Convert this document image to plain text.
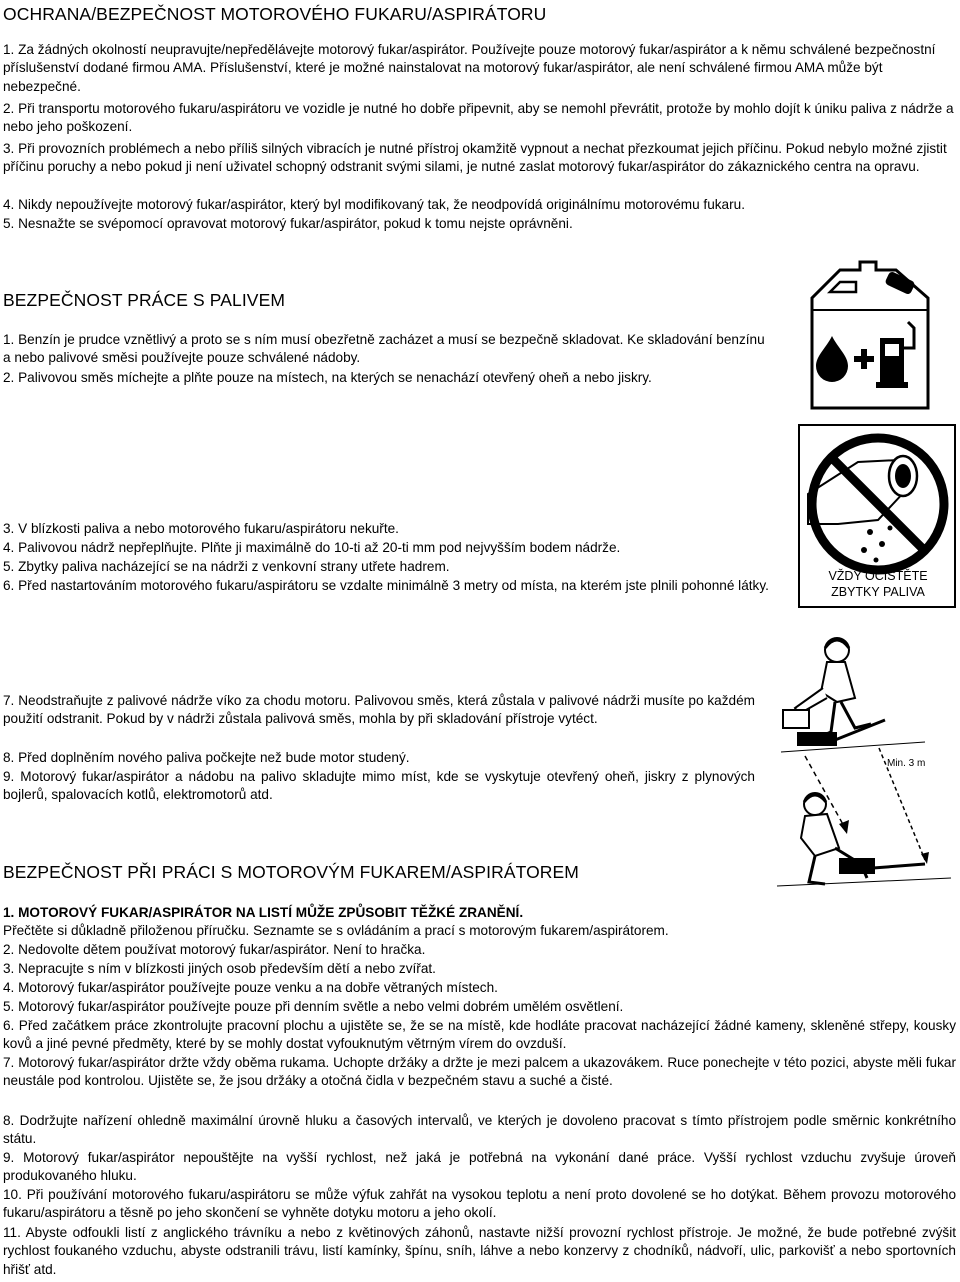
OCHRANA/BEZPEČNOST MOTOROVÉHO FUKARU/ASPIRÁTORU

1. Za žádných okolností neupravujte/nepředělávejte motorový fukar/aspirátor. Používejte pouze motorový fukar/aspirátor a k němu schválené bezpečnostní příslušenství dodané firmou AMA. Příslušenství, které je možné nainstalovat na motorový fukar/aspirátor, ale není schválené firmou AMA může být nebezpečné.

2. Při transportu motorového fukaru/aspirátoru ve vozidle je nutné ho dobře připevnit, aby se nemohl převrátit, protože by mohlo dojít k úniku paliva z nádrže a nebo jeho poškození.

3. Při provozních problémech a nebo příliš silných vibracích je nutné přístroj okamžitě vypnout a nechat přezkoumat jejich příčinu. Pokud nebylo možné zjistit příčinu poruchy a nebo pokud ji není uživatel schopný odstranit svými silami, je nutné zaslat motorový fukar/aspirátor do zákaznického centra na opravu.

4. Nikdy nepoužívejte motorový fukar/aspirátor, který byl modifikovaný tak, že neodpovídá originálnímu motorovému fukaru.

5. Nesnažte se svépomocí opravovat motorový fukar/aspirátor, pokud k tomu nejste oprávněni.

BEZPEČNOST PRÁCE S PALIVEM

1. Benzín je prudce vznětlivý a proto se s ním musí obezřetně zacházet a musí se bezpečně skladovat. Ke skladování benzínu a nebo palivové směsi používejte pouze schválené nádoby.

2. Palivovou směs míchejte a plňte pouze na místech, na kterých se nenachází otevřený oheň a nebo jiskry.

3. V blízkosti paliva a nebo motorového fukaru/aspirátoru nekuřte.

4. Palivovou nádrž nepřeplňujte. Plňte ji maximálně do 10-ti až 20-ti mm pod nejvyšším bodem nádrže.

5. Zbytky paliva nacházející se na nádrži z venkovní strany utřete hadrem.

6. Před nastartováním motorového fukaru/aspirátoru se vzdalte minimálně 3 metry od místa, na kterém jste plnili pohonné látky.

7. Neodstraňujte z palivové nádrže víko za chodu motoru. Palivovou směs, která zůstala v palivové nádrži musíte po každém použití odstranit. Pokud by v nádrži zůstala palivová směs, mohla by při skladování přístroje vytéct.

8. Před doplněním nového paliva počkejte než bude motor studený.

9. Motorový fukar/aspirátor a nádobu na palivo skladujte mimo míst, kde se vyskytuje otevřený oheň, jiskry z plynových bojlerů, spalovacích kotlů, elektromotorů atd.

VŽDY OČISTĚTE
ZBYTKY PALIVA
Min. 3 m
BEZPEČNOST PŘI PRÁCI S MOTOROVÝM FUKAREM/ASPIRÁTOREM

1. MOTOROVÝ FUKAR/ASPIRÁTOR NA LISTÍ MŮŽE ZPŮSOBIT TĚŽKÉ ZRANĚNÍ.

Přečtěte si důkladně přiloženou příručku. Seznamte se s ovládáním a prací s motorovým fukarem/aspirátorem.

2. Nedovolte dětem používat motorový fukar/aspirátor. Není to hračka.

3. Nepracujte s ním v blízkosti jiných osob především dětí a nebo zvířat.

4. Motorový fukar/aspirátor používejte pouze venku a na dobře větraných místech.

5. Motorový fukar/aspirátor používejte pouze při denním světle a nebo velmi dobrém umělém osvětlení.

6. Před začátkem práce zkontrolujte pracovní plochu a ujistěte se, že se na místě, kde hodláte pracovat nacházející žádné kameny, skleněné střepy, kousky kovů a jiné pevné předměty, které by se mohly dostat vyfouknutým větrným vírem do ovzduší.

7. Motorový fukar/aspirátor držte vždy oběma rukama. Uchopte držáky a držte je mezi palcem a ukazovákem. Ruce ponechejte v této pozici, abyste měli fukar neustále pod kontrolou. Ujistěte se, že jsou držáky a otočná čidla v bezpečném stavu a suché a čisté.

8. Dodržujte nařízení ohledně maximální úrovně hluku a časových intervalů, ve kterých je dovoleno pracovat s tímto přístrojem podle směrnic konkrétního státu.

9. Motorový fukar/aspirátor nepouštějte na vyšší rychlost, než jaká je potřebná na vykonání dané práce. Vyšší rychlost vzduchu zvyšuje úroveň produkovaného hluku.

10. Při používání motorového fukaru/aspirátoru se může výfuk zahřát na vysokou teplotu a není proto dovolené se ho dotýkat. Během provozu motorového fukaru/aspirátoru a těsně po jeho skončení se vyhněte dotyku motoru a jeho okolí.

11. Abyste odfoukli listí z anglického trávníku a nebo z květinových záhonů, nastavte nižší provozní rychlost přístroje. Je možné, že bude potřebné zvýšit rychlost foukaného vzduchu, abyste odstranili trávu, listí kamínky, špínu, sníh, láhve a nebo konzervy z chodníků, nádvoří, ulic, parkovišť a nebo sportovních hřišť atd.
